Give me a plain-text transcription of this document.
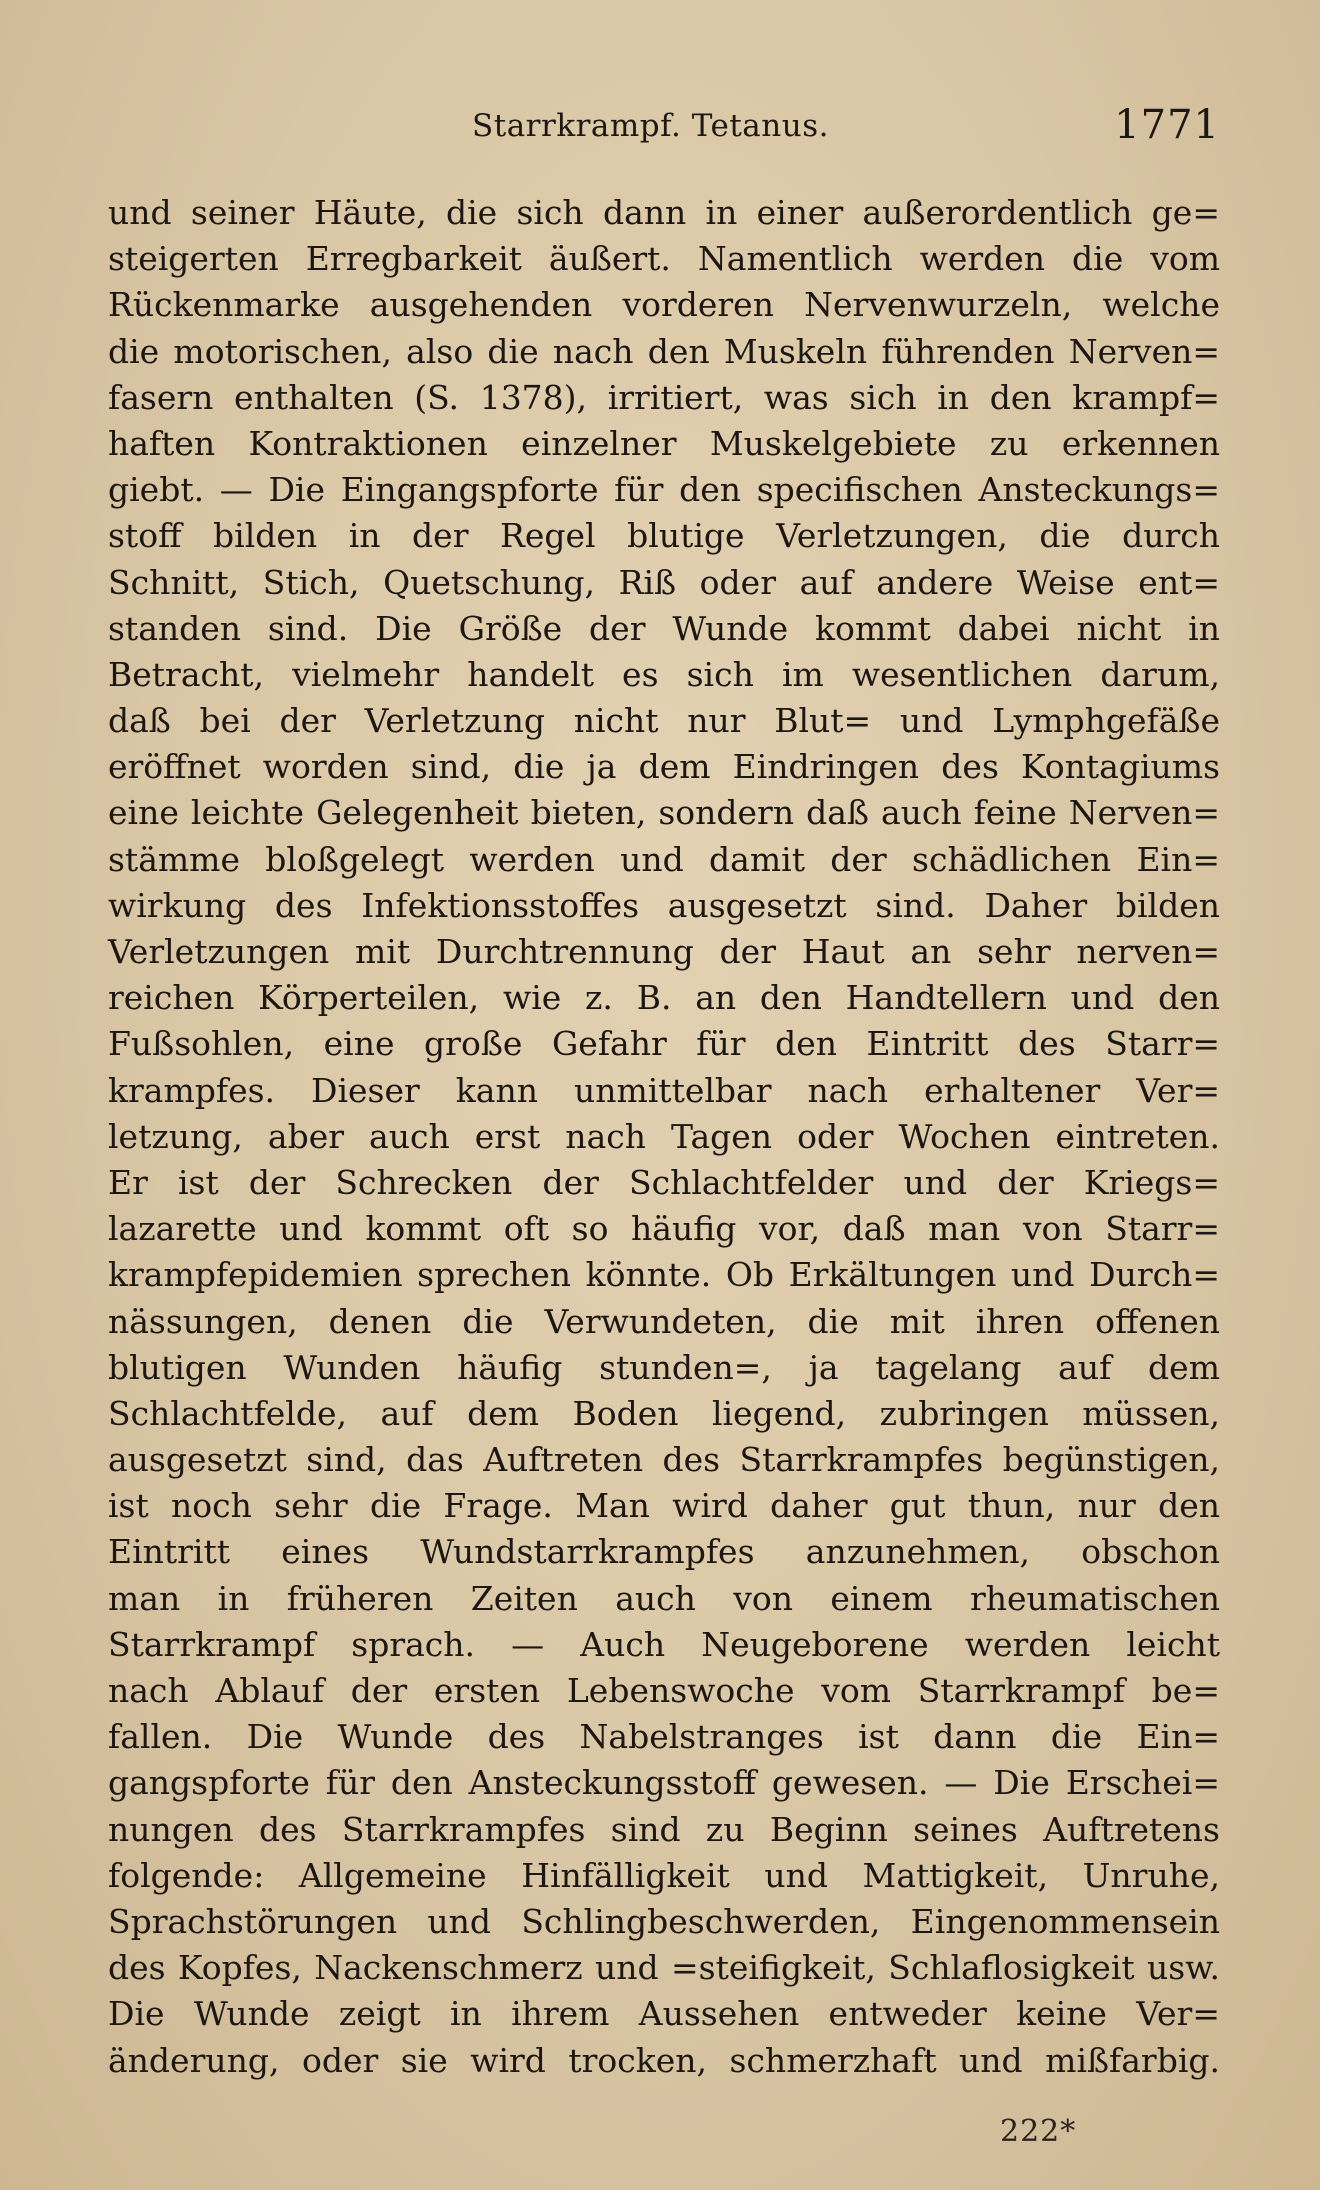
Starrkrampf. Tetanus.	1771

und seiner Häute, die sich dann in einer außerordentlich ge=
steigerten Erregbarkeit äußert. Namentlich werden die vom
Rückenmarke ausgehenden vorderen Nervenwurzeln, welche
die motorischen, also die nach den Muskeln führenden Nerven=
fasern enthalten (S. 1378), irritiert, was sich in den krampf=
haften Kontraktionen einzelner Muskelgebiete zu erkennen
giebt. — Die Eingangspforte für den specifischen Ansteckungs=
stoff bilden in der Regel blutige Verletzungen, die durch
Schnitt, Stich, Quetschung, Riß oder auf andere Weise ent=
standen sind. Die Größe der Wunde kommt dabei nicht in
Betracht, vielmehr handelt es sich im wesentlichen darum,
daß bei der Verletzung nicht nur Blut= und Lymphgefäße
eröffnet worden sind, die ja dem Eindringen des Kontagiums
eine leichte Gelegenheit bieten, sondern daß auch feine Nerven=
stämme bloßgelegt werden und damit der schädlichen Ein=
wirkung des Infektionsstoffes ausgesetzt sind. Daher bilden
Verletzungen mit Durchtrennung der Haut an sehr nerven=
reichen Körperteilen, wie z. B. an den Handtellern und den
Fußsohlen, eine große Gefahr für den Eintritt des Starr=
krampfes. Dieser kann unmittelbar nach erhaltener Ver=
letzung, aber auch erst nach Tagen oder Wochen eintreten.
Er ist der Schrecken der Schlachtfelder und der Kriegs=
lazarette und kommt oft so häufig vor, daß man von Starr=
krampfepidemien sprechen könnte. Ob Erkältungen und Durch=
nässungen, denen die Verwundeten, die mit ihren offenen
blutigen Wunden häufig stunden=, ja tagelang auf dem
Schlachtfelde, auf dem Boden liegend, zubringen müssen,
ausgesetzt sind, das Auftreten des Starrkrampfes begünstigen,
ist noch sehr die Frage. Man wird daher gut thun, nur den
Eintritt eines Wundstarrkrampfes anzunehmen, obschon
man in früheren Zeiten auch von einem rheumatischen
Starrkrampf sprach. — Auch Neugeborene werden leicht
nach Ablauf der ersten Lebenswoche vom Starrkrampf be=
fallen. Die Wunde des Nabelstranges ist dann die Ein=
gangspforte für den Ansteckungsstoff gewesen. — Die Erschei=
nungen des Starrkrampfes sind zu Beginn seines Auftretens
folgende: Allgemeine Hinfälligkeit und Mattigkeit, Unruhe,
Sprachstörungen und Schlingbeschwerden, Eingenommensein
des Kopfes, Nackenschmerz und =steifigkeit, Schlaflosigkeit usw.
Die Wunde zeigt in ihrem Aussehen entweder keine Ver=
änderung, oder sie wird trocken, schmerzhaft und mißfarbig.

222*
